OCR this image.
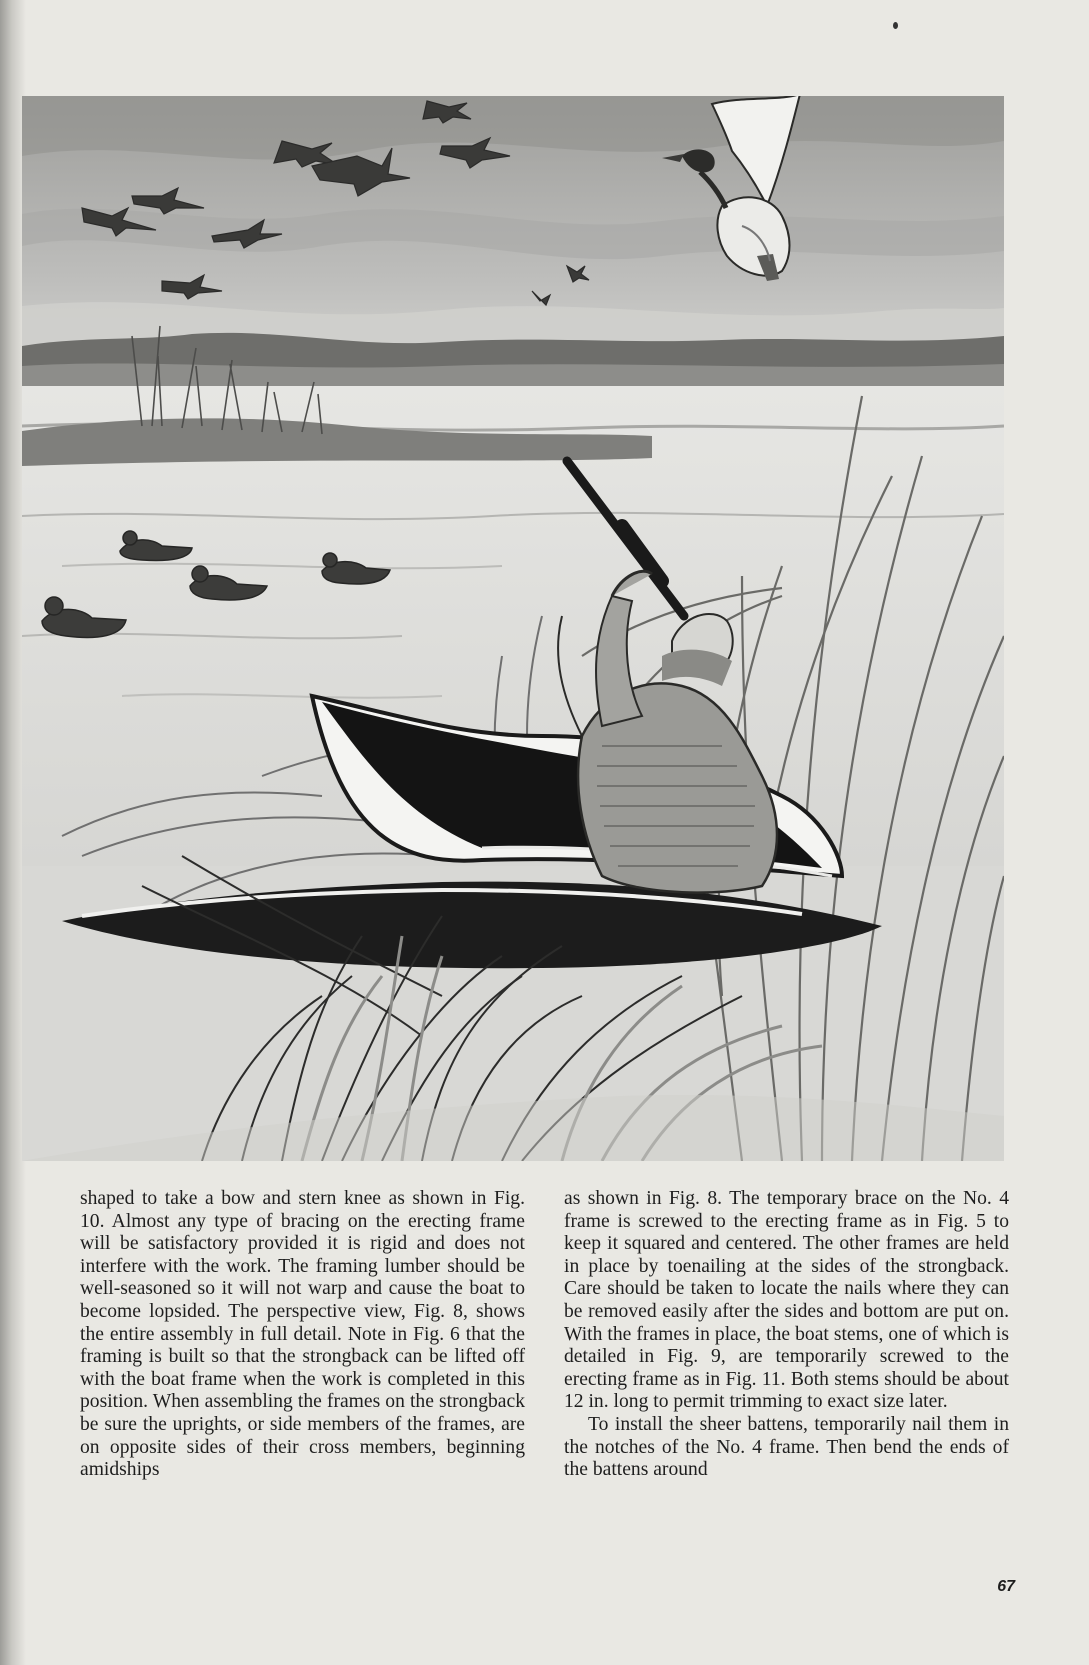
shaped to take a bow and stern knee as shown in Fig. 10. Almost any type of bracing on the erecting frame will be satisfactory provided it is rigid and does not interfere with the work. The framing lumber should be well-seasoned so it will not warp and cause the boat to become lopsided. The perspective view, Fig. 8, shows the entire assembly in full detail. Note in Fig. 6 that the framing is built so that the strongback can be lifted off with the boat frame when the work is completed in this position. When assembling the frames on the strongback be sure the uprights, or side members of the frames, are on opposite sides of their cross members, beginning amidships

as shown in Fig. 8. The temporary brace on the No. 4 frame is screwed to the erecting frame as in Fig. 5 to keep it squared and centered. The other frames are held in place by toenailing at the sides of the strongback. Care should be taken to locate the nails where they can be removed easily after the sides and bottom are put on. With the frames in place, the boat stems, one of which is detailed in Fig. 9, are temporarily screwed to the erecting frame as in Fig. 11. Both stems should be about 12 in. long to permit trimming to exact size later.

To install the sheer battens, temporarily nail them in the notches of the No. 4 frame. Then bend the ends of the battens around

67
